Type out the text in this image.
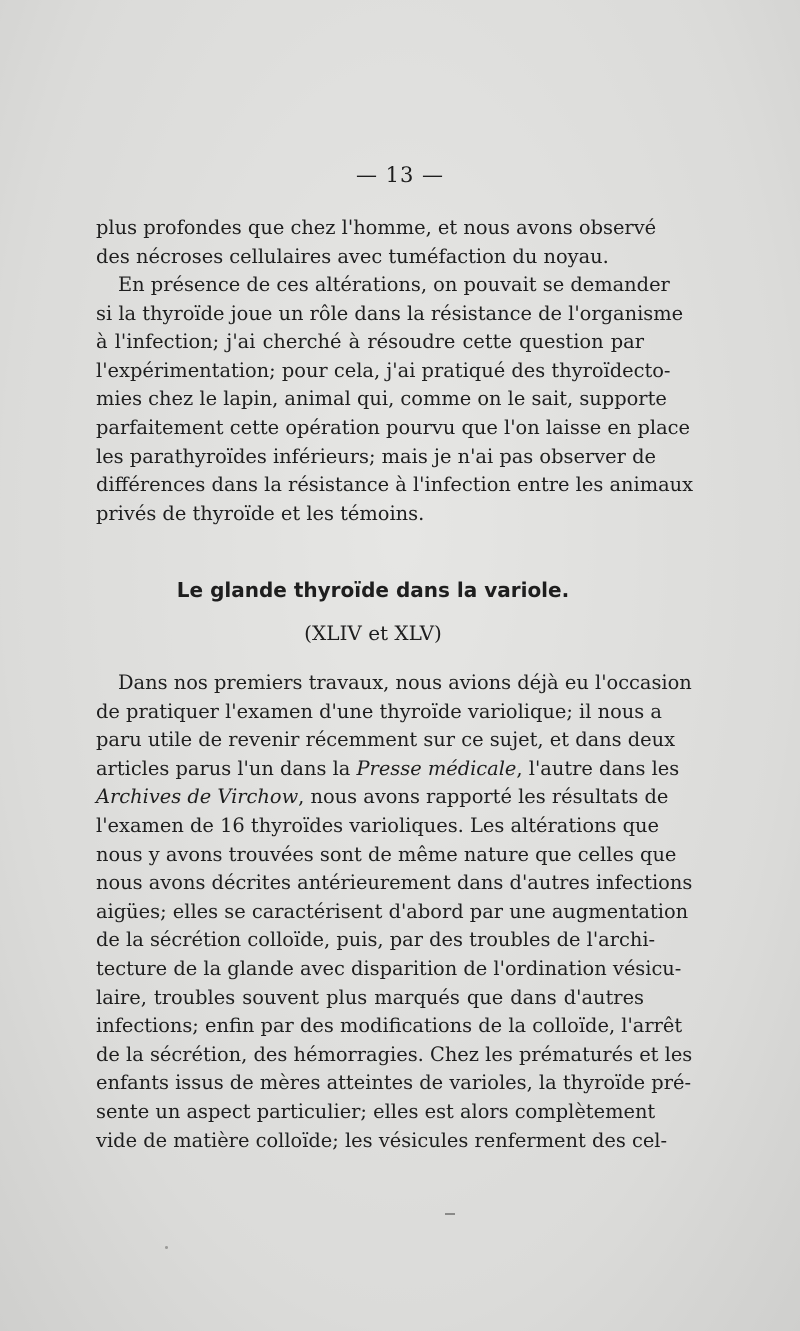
— 13 —
plus profondes que chez l'homme, et nous avons observé
des nécroses cellulaires avec tuméfaction du noyau.
En présence de ces altérations, on pouvait se demander
si la thyroïde joue un rôle dans la résistance de l'organisme
à l'infection; j'ai cherché à résoudre cette question par
l'expérimentation; pour cela, j'ai pratiqué des thyroïdecto-
mies chez le lapin, animal qui, comme on le sait, supporte
parfaitement cette opération pourvu que l'on laisse en place
les parathyroïdes inférieurs; mais je n'ai pas observer de
différences dans la résistance à l'infection entre les animaux
privés de thyroïde et les témoins.
Le glande thyroïde dans la variole.
(XLIV et XLV)
Dans nos premiers travaux, nous avions déjà eu l'occasion
de pratiquer l'examen d'une thyroïde variolique; il nous a
paru utile de revenir récemment sur ce sujet, et dans deux
articles parus l'un dans la Presse médicale, l'autre dans les
Archives de Virchow, nous avons rapporté les résultats de
l'examen de 16 thyroïdes varioliques. Les altérations que
nous y avons trouvées sont de même nature que celles que
nous avons décrites antérieurement dans d'autres infections
aigües; elles se caractérisent d'abord par une augmentation
de la sécrétion colloïde, puis, par des troubles de l'archi-
tecture de la glande avec disparition de l'ordination vésicu-
laire, troubles souvent plus marqués que dans d'autres
infections; enfin par des modifications de la colloïde, l'arrêt
de la sécrétion, des hémorragies. Chez les prématurés et les
enfants issus de mères atteintes de varioles, la thyroïde pré-
sente un aspect particulier; elles est alors complètement
vide de matière colloïde; les vésicules renferment des cel-
